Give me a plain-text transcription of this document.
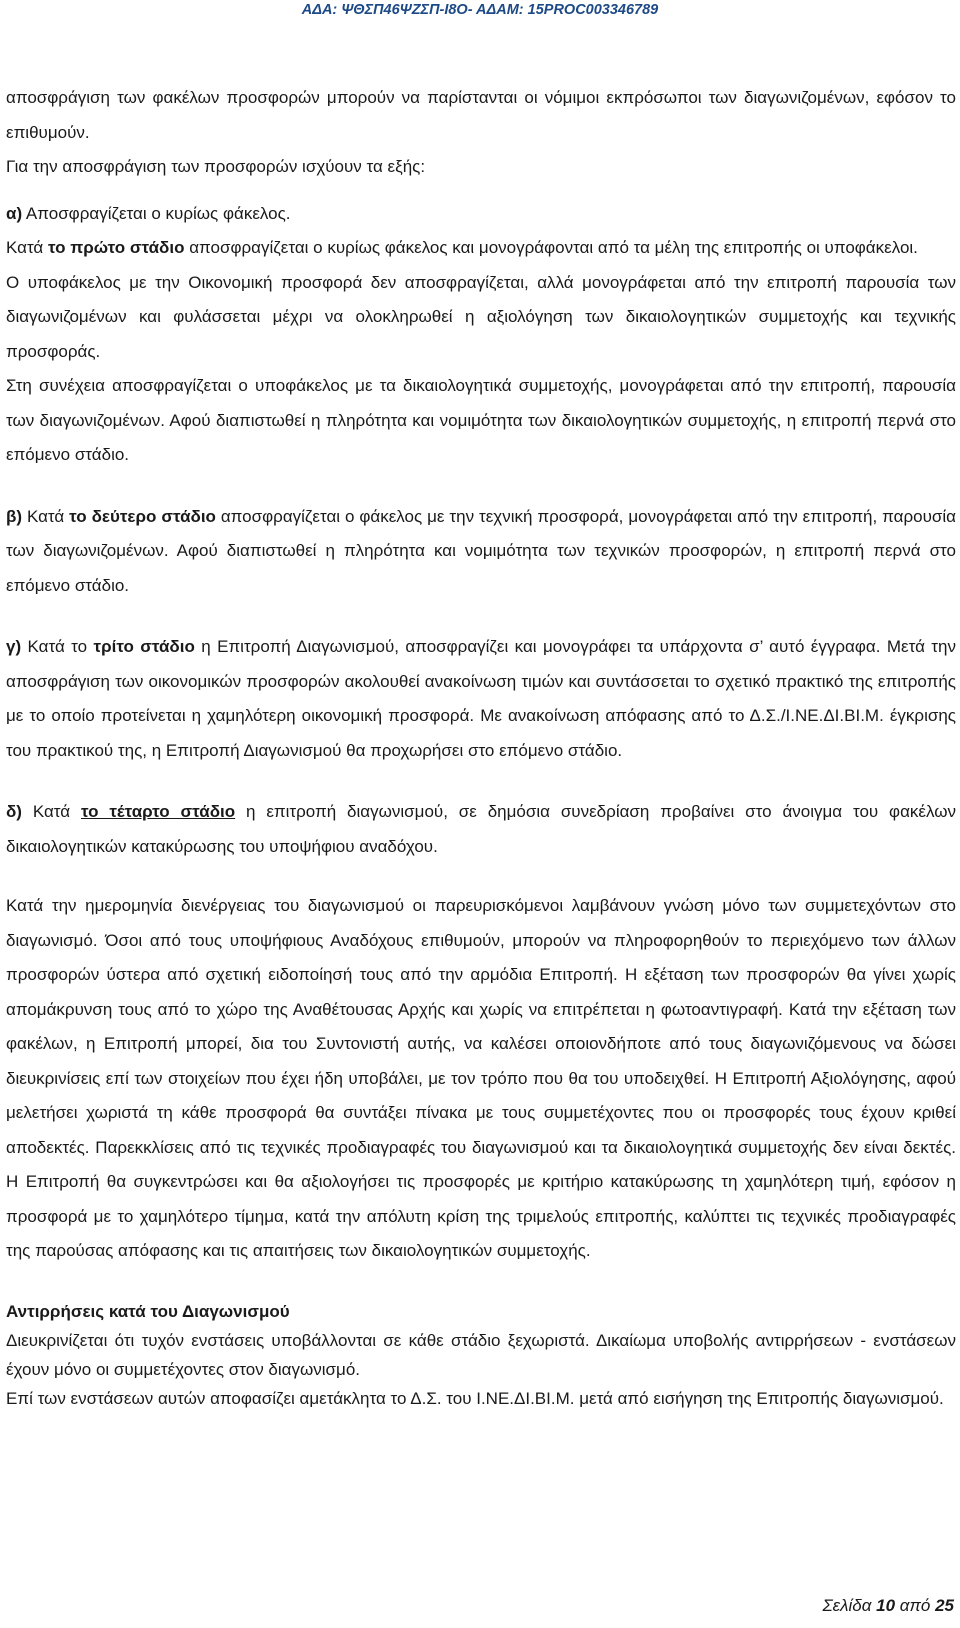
ΑΔΑ: ΨΘΣΠ46ΨΖΣΠ-Ι8Ο- ΑΔΑΜ: 15PROC003346789

αποσφράγιση των φακέλων προσφορών μπορούν να παρίστανται οι νόμιμοι εκπρόσωποι των διαγωνιζομένων, εφόσον το επιθυμούν.

Για την αποσφράγιση των προσφορών ισχύουν τα εξής:

α) Αποσφραγίζεται ο κυρίως φάκελος.

Κατά το πρώτο στάδιο αποσφραγίζεται ο κυρίως φάκελος και μονογράφονται από τα μέλη της επιτροπής οι υποφάκελοι.

Ο υποφάκελος με την Οικονομική προσφορά δεν αποσφραγίζεται, αλλά μονογράφεται από την επιτροπή παρουσία των διαγωνιζομένων και φυλάσσεται μέχρι να ολοκληρωθεί η αξιολόγηση των δικαιολογητικών συμμετοχής και τεχνικής προσφοράς.

Στη συνέχεια αποσφραγίζεται ο υποφάκελος με τα δικαιολογητικά συμμετοχής, μονογράφεται από την επιτροπή, παρουσία των διαγωνιζομένων. Αφού διαπιστωθεί η πληρότητα και νομιμότητα των δικαιολογητικών συμμετοχής, η επιτροπή περνά στο επόμενο στάδιο.

β) Κατά το δεύτερο στάδιο αποσφραγίζεται ο φάκελος με την τεχνική προσφορά, μονογράφεται από την επιτροπή, παρουσία των διαγωνιζομένων. Αφού διαπιστωθεί η πληρότητα και νομιμότητα των τεχνικών προσφορών, η επιτροπή περνά στο επόμενο στάδιο.

γ) Κατά το τρίτο στάδιο η Επιτροπή Διαγωνισμού, αποσφραγίζει και μονογράφει τα υπάρχοντα σ’ αυτό έγγραφα. Μετά την αποσφράγιση των οικονομικών προσφορών ακολουθεί ανακοίνωση τιμών και συντάσσεται το σχετικό πρακτικό της επιτροπής με το οποίο προτείνεται η χαμηλότερη οικονομική προσφορά. Με ανακοίνωση απόφασης από το Δ.Σ./Ι.ΝΕ.ΔΙ.ΒΙ.Μ. έγκρισης του πρακτικού της, η Επιτροπή Διαγωνισμού θα προχωρήσει στο επόμενο στάδιο.

δ) Κατά το τέταρτο στάδιο η επιτροπή διαγωνισμού, σε δημόσια συνεδρίαση προβαίνει στο άνοιγμα του φακέλων δικαιολογητικών κατακύρωσης του υποψήφιου αναδόχου.

Κατά την ημερομηνία διενέργειας του διαγωνισμού οι παρευρισκόμενοι λαμβάνουν γνώση μόνο των συμμετεχόντων στο διαγωνισμό. Όσοι από τους υποψήφιους Αναδόχους επιθυμούν, μπορούν να πληροφορηθούν το περιεχόμενο των άλλων προσφορών ύστερα από σχετική ειδοποίησή τους από την αρμόδια Επιτροπή. Η εξέταση των προσφορών θα γίνει χωρίς απομάκρυνση τους από το χώρο της Αναθέτουσας Αρχής και χωρίς να επιτρέπεται η φωτοαντιγραφή. Κατά την εξέταση των φακέλων, η Επιτροπή μπορεί, δια του Συντονιστή αυτής, να καλέσει οποιονδήποτε από τους διαγωνιζόμενους να δώσει διευκρινίσεις επί των στοιχείων που έχει ήδη υποβάλει, με τον τρόπο που θα του υποδειχθεί. Η Επιτροπή Αξιολόγησης, αφού μελετήσει χωριστά τη κάθε προσφορά θα συντάξει πίνακα με τους συμμετέχοντες που οι προσφορές τους έχουν κριθεί αποδεκτές. Παρεκκλίσεις από τις τεχνικές προδιαγραφές του διαγωνισμού και τα δικαιολογητικά συμμετοχής δεν είναι δεκτές. Η Επιτροπή θα συγκεντρώσει και θα αξιολογήσει τις προσφορές με κριτήριο κατακύρωσης τη χαμηλότερη τιμή, εφόσον η προσφορά με το χαμηλότερο τίμημα, κατά την απόλυτη κρίση της τριμελούς επιτροπής, καλύπτει τις τεχνικές προδιαγραφές της παρούσας απόφασης και τις απαιτήσεις των δικαιολογητικών συμμετοχής.

Αντιρρήσεις κατά του Διαγωνισμού

Διευκρινίζεται ότι τυχόν ενστάσεις υποβάλλονται σε κάθε στάδιο ξεχωριστά. Δικαίωμα υποβολής αντιρρήσεων - ενστάσεων έχουν μόνο οι συμμετέχοντες στον διαγωνισμό.

Επί των ενστάσεων αυτών αποφασίζει αμετάκλητα το Δ.Σ. του Ι.ΝΕ.ΔΙ.ΒΙ.Μ. μετά από εισήγηση της Επιτροπής διαγωνισμού.

Σελίδα 10 από 25
